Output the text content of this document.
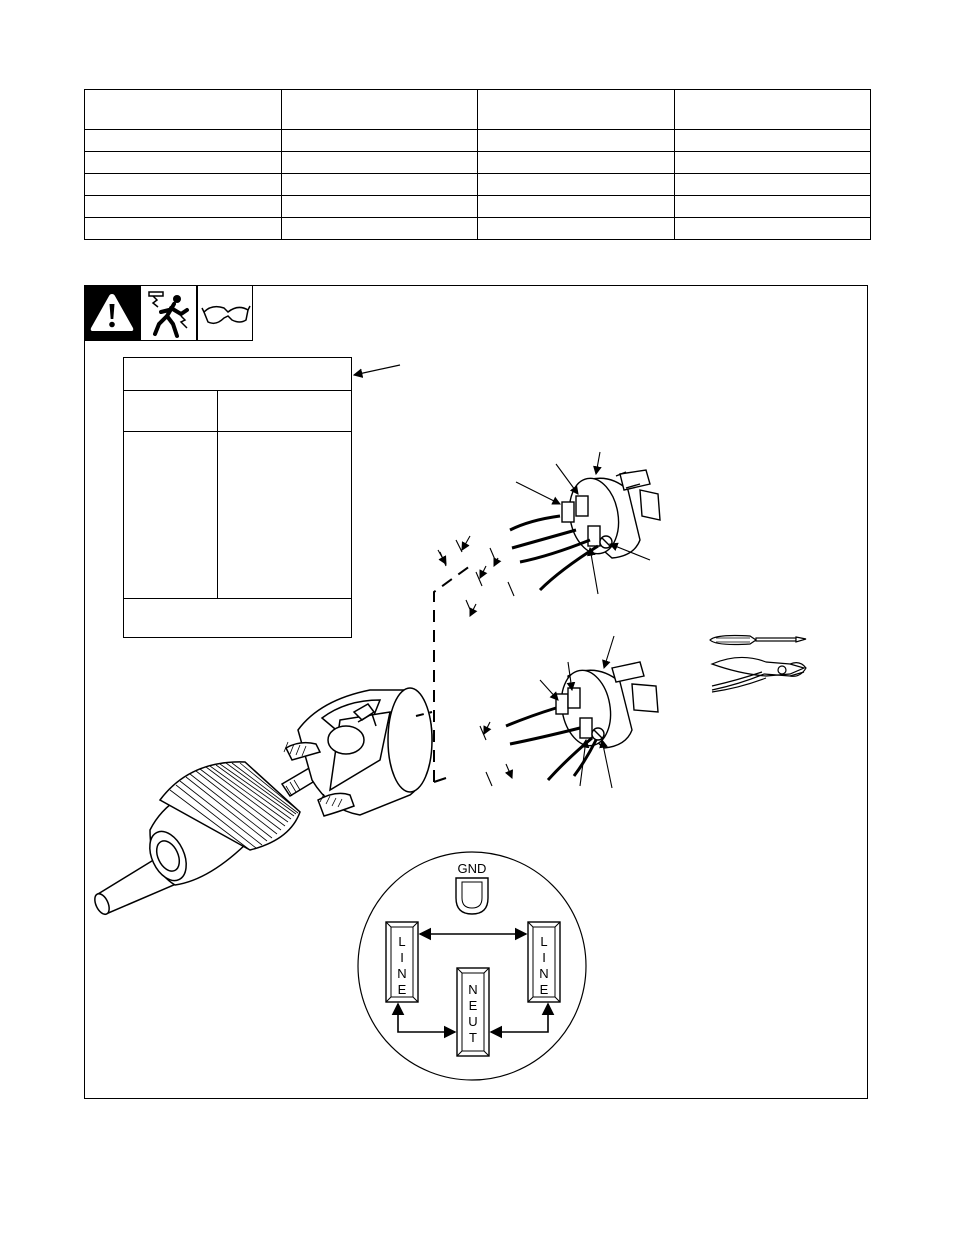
GND
L
I
N
E
L
I
N
E
N
E
U
T
